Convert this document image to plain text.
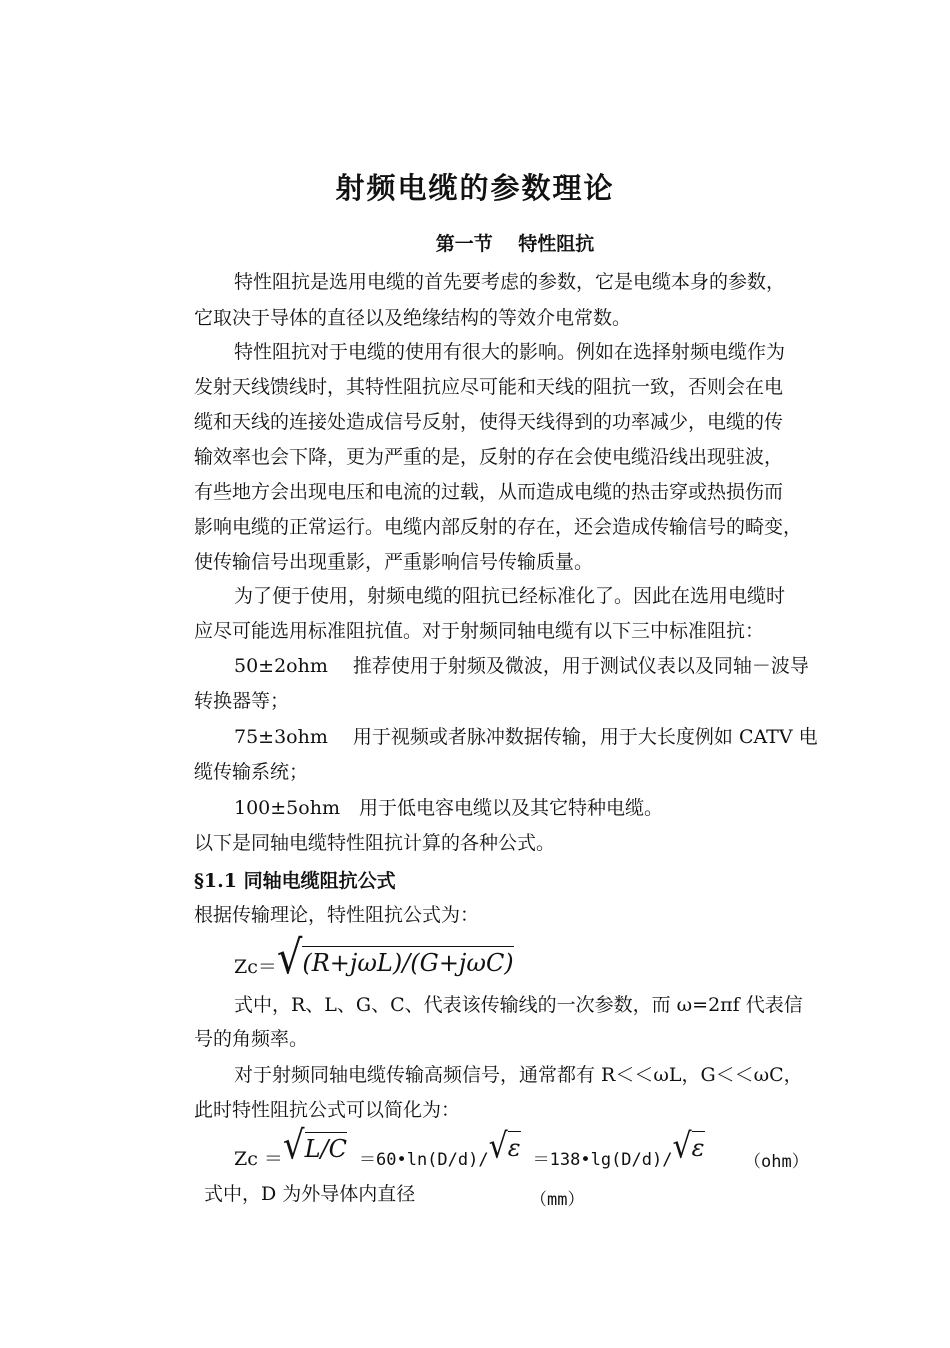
射频电缆的参数理论
第一节　 特性阻抗
特性阻抗是选用电缆的首先要考虑的参数，它是电缆本身的参数，
它取决于导体的直径以及绝缘结构的等效介电常数。
特性阻抗对于电缆的使用有很大的影响。例如在选择射频电缆作为
发射天线馈线时，其特性阻抗应尽可能和天线的阻抗一致，否则会在电
缆和天线的连接处造成信号反射，使得天线得到的功率减少，电缆的传
输效率也会下降，更为严重的是，反射的存在会使电缆沿线出现驻波，
有些地方会出现电压和电流的过载，从而造成电缆的热击穿或热损伤而
影响电缆的正常运行。电缆内部反射的存在，还会造成传输信号的畸变，
使传输信号出现重影，严重影响信号传输质量。
为了便于使用，射频电缆的阻抗已经标准化了。因此在选用电缆时
应尽可能选用标准阻抗值。对于射频同轴电缆有以下三中标准阻抗：
50±2ohm　 推荐使用于射频及微波，用于测试仪表以及同轴－波导
转换器等；
75±3ohm　 用于视频或者脉冲数据传输，用于大长度例如 CATV 电
缆传输系统；
100±5ohm　用于低电容电缆以及其它特种电缆。
以下是同轴电缆特性阻抗计算的各种公式。
§1.1 同轴电缆阻抗公式
根据传输理论，特性阻抗公式为：
Zc＝√(R+jωL)/(G+jωC)
式中，R、L、G、C、代表该传输线的一次参数，而 ω=2πf 代表信
号的角频率。
对于射频同轴电缆传输高频信号，通常都有 R＜＜ωL，G＜＜ωC，
此时特性阻抗公式可以简化为：
Zc ＝√L/C ＝60•ln(D/d)/√ε ＝138•lg(D/d)/√ε
（ohm）
式中，D 为外导体内直径	（mm）
